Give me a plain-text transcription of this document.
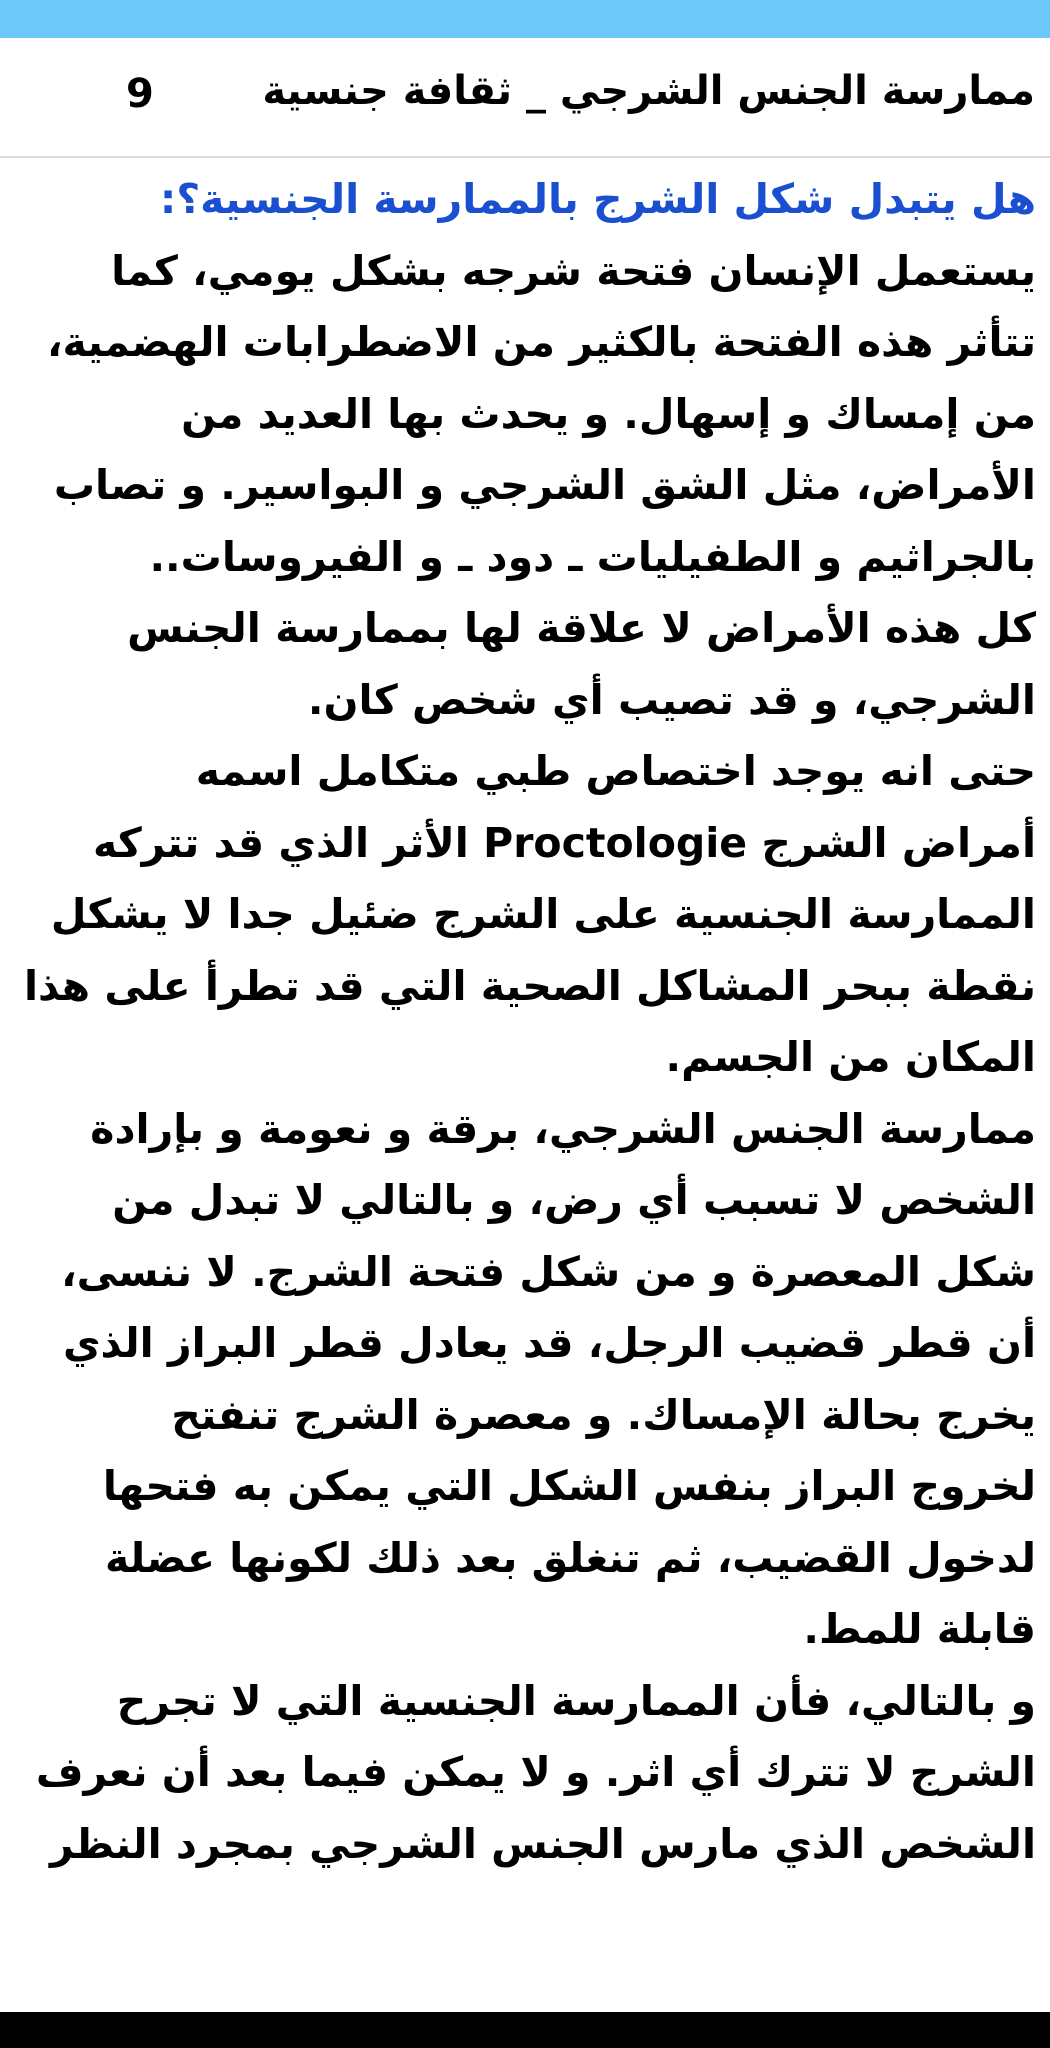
ممارسة الجنس الشرجي _ ثقافة جنسية
9
هل يتبدل شكل الشرج بالممارسة الجنسية؟:
يستعمل الإنسان فتحة شرجه بشكل يومي، كما
تتأثر هذه الفتحة بالكثير من الاضطرابات الهضمية،
من إمساك و إسهال. و يحدث بها العديد من
الأمراض، مثل الشق الشرجي و البواسير. و تصاب
بالجراثيم و الطفيليات ـ دود ـ و الفيروسات..
كل هذه الأمراض لا علاقة لها بممارسة الجنس
الشرجي، و قد تصيب أي شخص كان.
حتى انه يوجد اختصاص طبي متكامل اسمه
أمراض الشرج Proctologie الأثر الذي قد تتركه
الممارسة الجنسية على الشرج ضئيل جدا لا يشكل
نقطة ببحر المشاكل الصحية التي قد تطرأ على هذا
المكان من الجسم.
ممارسة الجنس الشرجي، برقة و نعومة و بإرادة
الشخص لا تسبب أي رض، و بالتالي لا تبدل من
شكل المعصرة و من شكل فتحة الشرج. لا ننسى،
أن قطر قضيب الرجل، قد يعادل قطر البراز الذي
يخرج بحالة الإمساك. و معصرة الشرج تنفتح
لخروج البراز بنفس الشكل التي يمكن به فتحها
لدخول القضيب، ثم تنغلق بعد ذلك لكونها عضلة
قابلة للمط.
و بالتالي، فأن الممارسة الجنسية التي لا تجرح
الشرج لا تترك أي اثر. و لا يمكن فيما بعد أن نعرف
الشخص الذي مارس الجنس الشرجي بمجرد النظر
